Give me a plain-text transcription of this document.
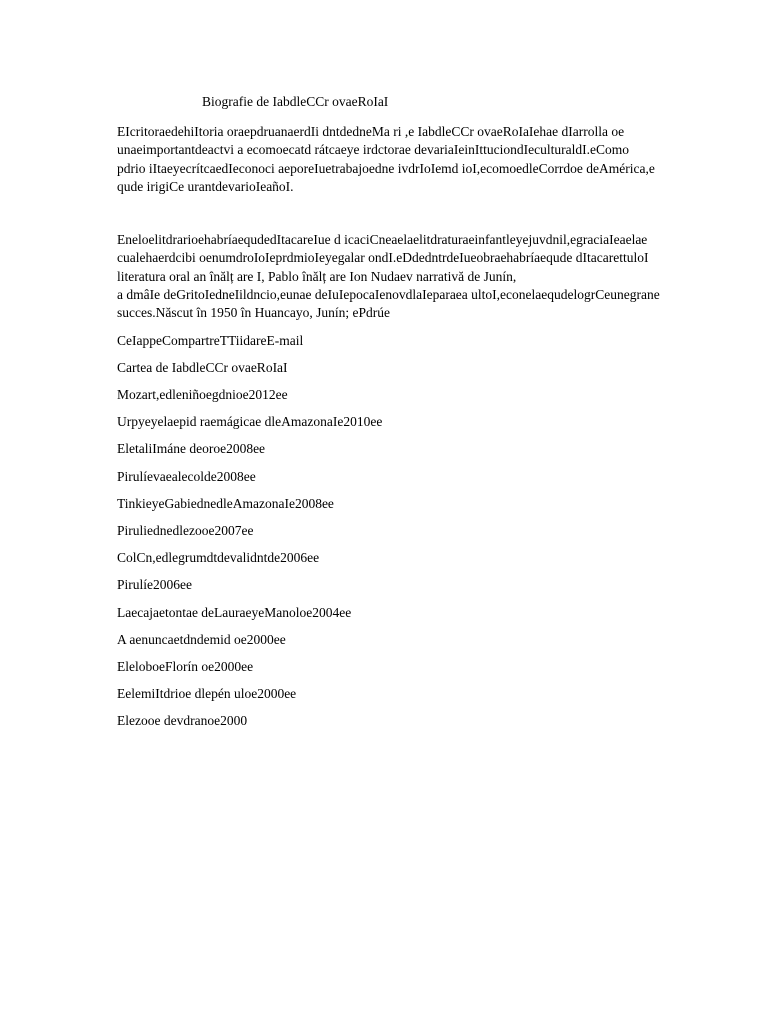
Biografie de IabdleCCr ovaeRoIaI

EIcritoraedehiItoria oraepdruanaerdIi dntdedneMa ri ,e IabdleCCr ovaeRoIaIehae dIarrolla oe
unaeimportantdeactvi a ecomoecatd rátcaeye irdctorae devariaIeinIttuciondIeculturaldI.eComo
pdrio iItaeyecrítcaedIeconoci aeporeIuetrabajoedne ivdrIoIemd ioI,ecomoedleCorrdoe deAmérica,e
qude irigiCe urantdevarioIeañoI.

EneloelitdrarioehabríaequdedItacareIue d icaciCneaelaelitdraturaeinfantleyejuvdnil,egraciaIeaelae
cualehaerdcibi oenumdroIoIeprdmioIeyegalar ondI.eDdedntrdeIueobraehabríaequde dItacarettuloI
literatura oral an înălț are I, Pablo înălț are Ion Nudaev narrativă de Junín,
a dmâIe deGritoIedneIildncio,eunae deIuIepocaIenovdlaIeparaea ultoI,econelaequdelogrCeunegrane
succes.Născut în 1950 în Huancayo, Junín; ePdrúe

CeIappeCompartreTTiidareE-mail
Cartea de IabdleCCr ovaeRoIaI
Mozart,edleniñoegdnioe2012ee
Urpyeyelaepid raemágicae dleAmazonaIe2010ee
EletaliImáne deoroe2008ee
Pirulíevaealecolde2008ee
TinkieyeGabiednedleAmazonaIe2008ee
Piruliednedlezooe2007ee
ColCn,edlegrumdtdevalidntde2006ee
Pirulíe2006ee
Laecajaetontae deLauraeyeManoloe2004ee
A aenuncaetdndemid oe2000ee
EleloboeFlorín oe2000ee
EelemiItdrioe dlepén uloe2000ee
Elezooe devdranoe2000
